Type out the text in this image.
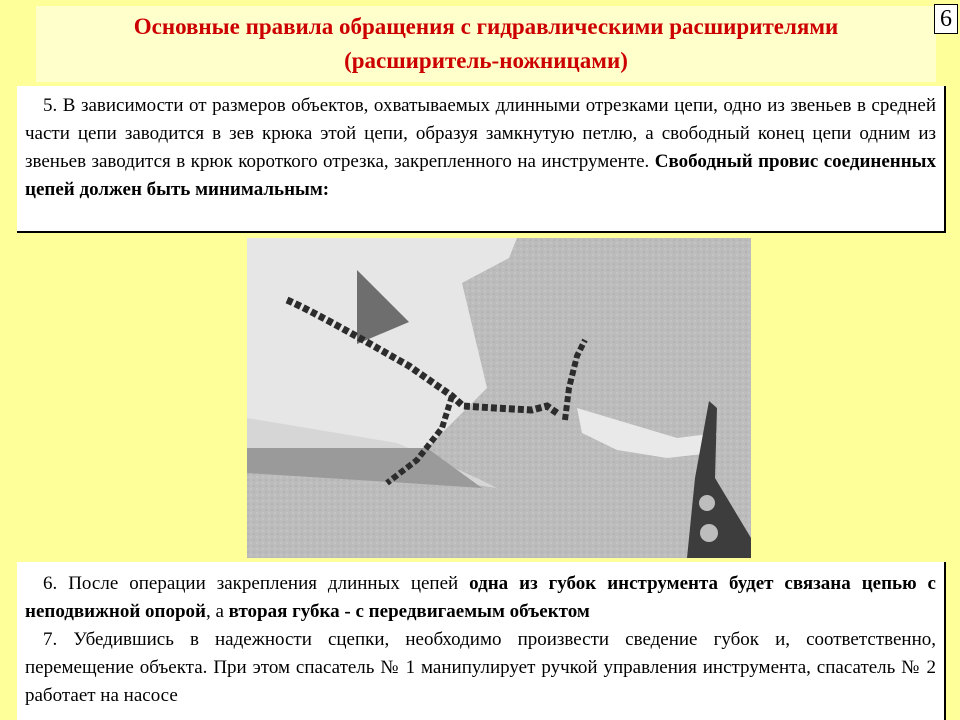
Основные правила обращения с гидравлическими расширителями
(расширитель-ножницами)
6

5. В зависимости от размеров объектов, охватываемых длинными отрезками цепи, одно из звеньев в средней части цепи заводится в зев крюка этой цепи, образуя замкнутую петлю, а свободный конец цепи одним из звеньев заводится в крюк короткого отрезка, закрепленного на инструменте. Свободный провис соединенных цепей должен быть минимальным:

6. После операции закрепления длинных цепей одна из губок инструмента будет связана цепью с неподвижной опорой, а вторая губка - с передвигаемым объектом

7. Убедившись в надежности сцепки, необходимо произвести сведение губок и, соответственно, перемещение объекта. При этом спасатель № 1 манипулирует ручкой управления инструмента, спасатель № 2 работает на насосе
